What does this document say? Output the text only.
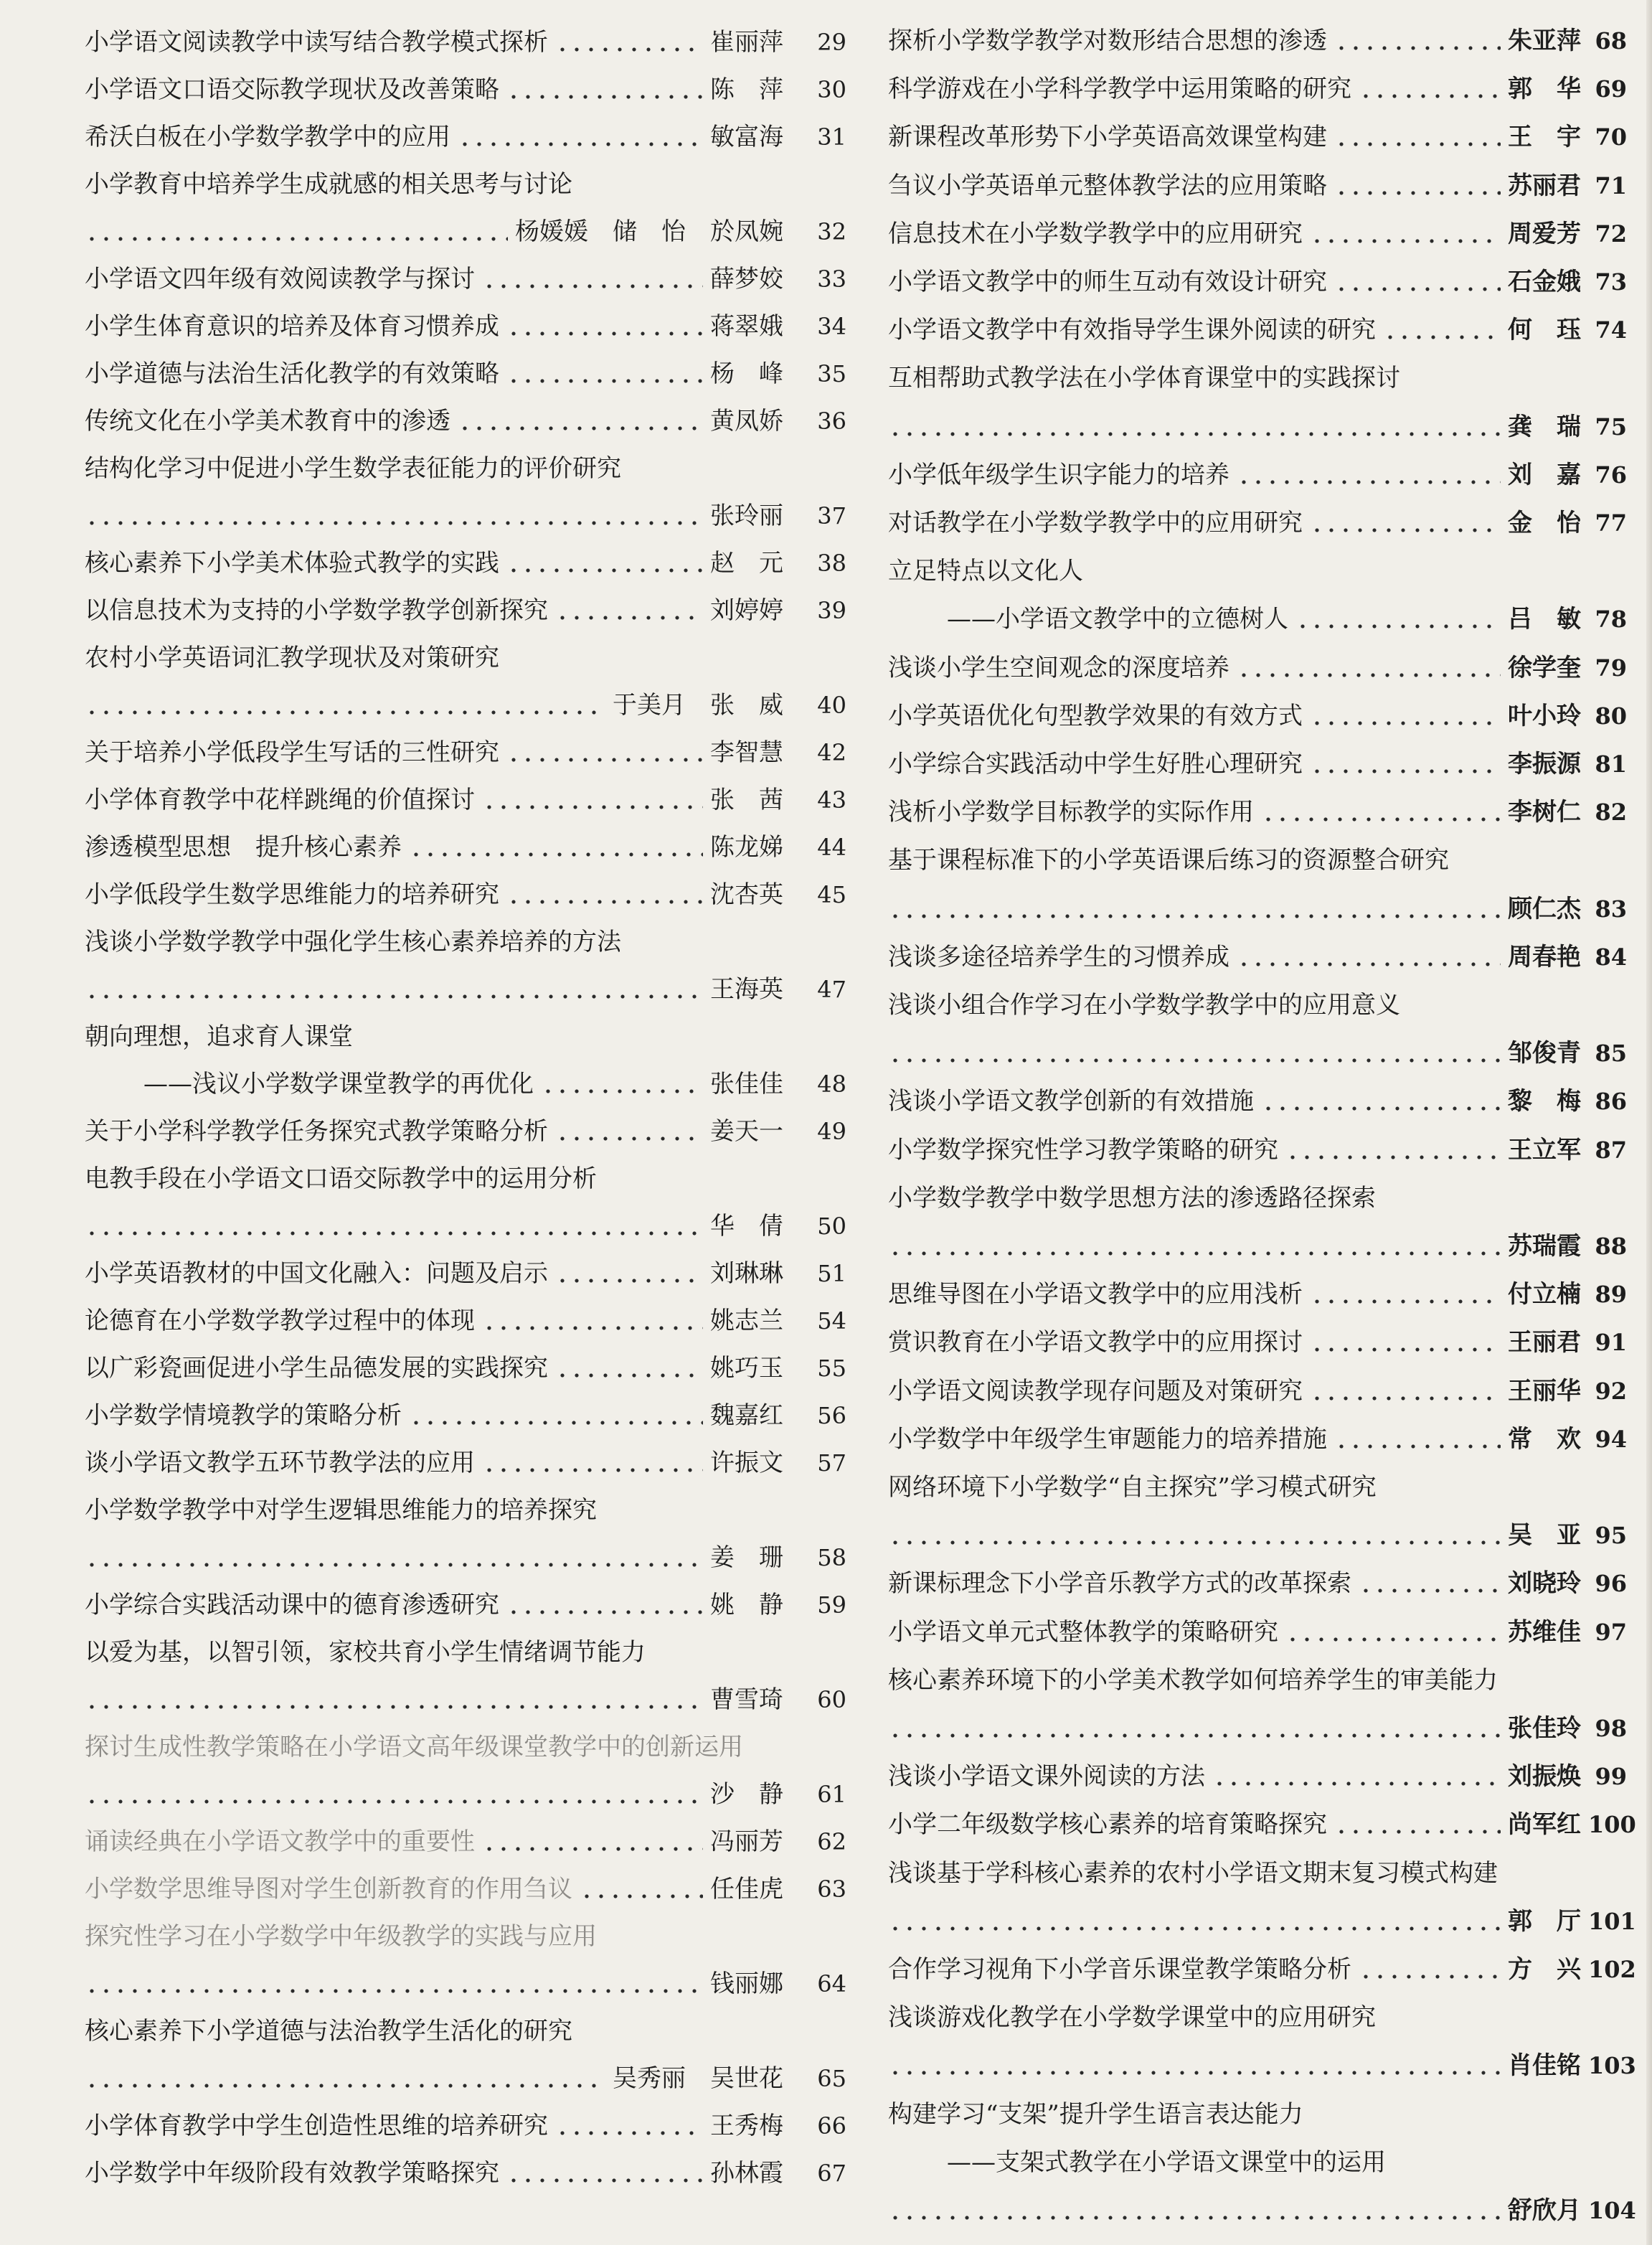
小学语文阅读教学中读写结合教学模式探析	崔丽萍	29
小学语文口语交际教学现状及改善策略	陈　萍	30
希沃白板在小学数学教学中的应用	敏富海	31
小学教育中培养学生成就感的相关思考与讨论
杨媛媛　储　怡　於凤婉	32
小学语文四年级有效阅读教学与探讨	薛梦姣	33
小学生体育意识的培养及体育习惯养成	蒋翠娥	34
小学道德与法治生活化教学的有效策略	杨　峰	35
传统文化在小学美术教育中的渗透	黄凤娇	36
结构化学习中促进小学生数学表征能力的评价研究
张玲丽	37
核心素养下小学美术体验式教学的实践	赵　元	38
以信息技术为支持的小学数学教学创新探究	刘婷婷	39
农村小学英语词汇教学现状及对策研究
于美月　张　威	40
关于培养小学低段学生写话的三性研究	李智慧	42
小学体育教学中花样跳绳的价值探讨	张　茜	43
渗透模型思想　提升核心素养	陈龙娣	44
小学低段学生数学思维能力的培养研究	沈杏英	45
浅谈小学数学教学中强化学生核心素养培养的方法
王海英	47
朝向理想，追求育人课堂
——浅议小学数学课堂教学的再优化	张佳佳	48
关于小学科学教学任务探究式教学策略分析	姜天一	49
电教手段在小学语文口语交际教学中的运用分析
华　倩	50
小学英语教材的中国文化融入：问题及启示	刘琳琳	51
论德育在小学数学教学过程中的体现	姚志兰	54
以广彩瓷画促进小学生品德发展的实践探究	姚巧玉	55
小学数学情境教学的策略分析	魏嘉红	56
谈小学语文教学五环节教学法的应用	许振文	57
小学数学教学中对学生逻辑思维能力的培养探究
姜　珊	58
小学综合实践活动课中的德育渗透研究	姚　静	59
以爱为基，以智引领，家校共育小学生情绪调节能力
曹雪琦	60
探讨生成性教学策略在小学语文高年级课堂教学中的创新运用
沙　静	61
诵读经典在小学语文教学中的重要性	冯丽芳	62
小学数学思维导图对学生创新教育的作用刍议	任佳虎	63
探究性学习在小学数学中年级教学的实践与应用
钱丽娜	64
核心素养下小学道德与法治教学生活化的研究
吴秀丽　吴世花	65
小学体育教学中学生创造性思维的培养研究	王秀梅	66
小学数学中年级阶段有效教学策略探究	孙林霞	67
探析小学数学教学对数形结合思想的渗透	朱亚萍 68
科学游戏在小学科学教学中运用策略的研究	郭　华 69
新课程改革形势下小学英语高效课堂构建	王　宇 70
刍议小学英语单元整体教学法的应用策略	苏丽君 71
信息技术在小学数学教学中的应用研究	周爱芳 72
小学语文教学中的师生互动有效设计研究	石金娥 73
小学语文教学中有效指导学生课外阅读的研究	何　珏 74
互相帮助式教学法在小学体育课堂中的实践探讨
龚　瑞 75
小学低年级学生识字能力的培养	刘　嘉 76
对话教学在小学数学教学中的应用研究	金　怡 77
立足特点以文化人
——小学语文教学中的立德树人	吕　敏 78
浅谈小学生空间观念的深度培养	徐学奎 79
小学英语优化句型教学效果的有效方式	叶小玲 80
小学综合实践活动中学生好胜心理研究	李振源 81
浅析小学数学目标教学的实际作用	李树仁 82
基于课程标准下的小学英语课后练习的资源整合研究
顾仁杰 83
浅谈多途径培养学生的习惯养成	周春艳 84
浅谈小组合作学习在小学数学教学中的应用意义
邹俊青 85
浅谈小学语文教学创新的有效措施	黎　梅 86
小学数学探究性学习教学策略的研究	王立军 87
小学数学教学中数学思想方法的渗透路径探索
苏瑞霞 88
思维导图在小学语文教学中的应用浅析	付立楠 89
赏识教育在小学语文教学中的应用探讨	王丽君 91
小学语文阅读教学现存问题及对策研究	王丽华 92
小学数学中年级学生审题能力的培养措施	常　欢 94
网络环境下小学数学“自主探究”学习模式研究
吴　亚 95
新课标理念下小学音乐教学方式的改革探索	刘晓玲 96
小学语文单元式整体教学的策略研究	苏维佳 97
核心素养环境下的小学美术教学如何培养学生的审美能力
张佳玲 98
浅谈小学语文课外阅读的方法	刘振焕 99
小学二年级数学核心素养的培育策略探究	尚军红 100
浅谈基于学科核心素养的农村小学语文期末复习模式构建
郭　厅 101
合作学习视角下小学音乐课堂教学策略分析	方　兴 102
浅谈游戏化教学在小学数学课堂中的应用研究
肖佳铭 103
构建学习“支架”提升学生语言表达能力
——支架式教学在小学语文课堂中的运用
舒欣月 104
